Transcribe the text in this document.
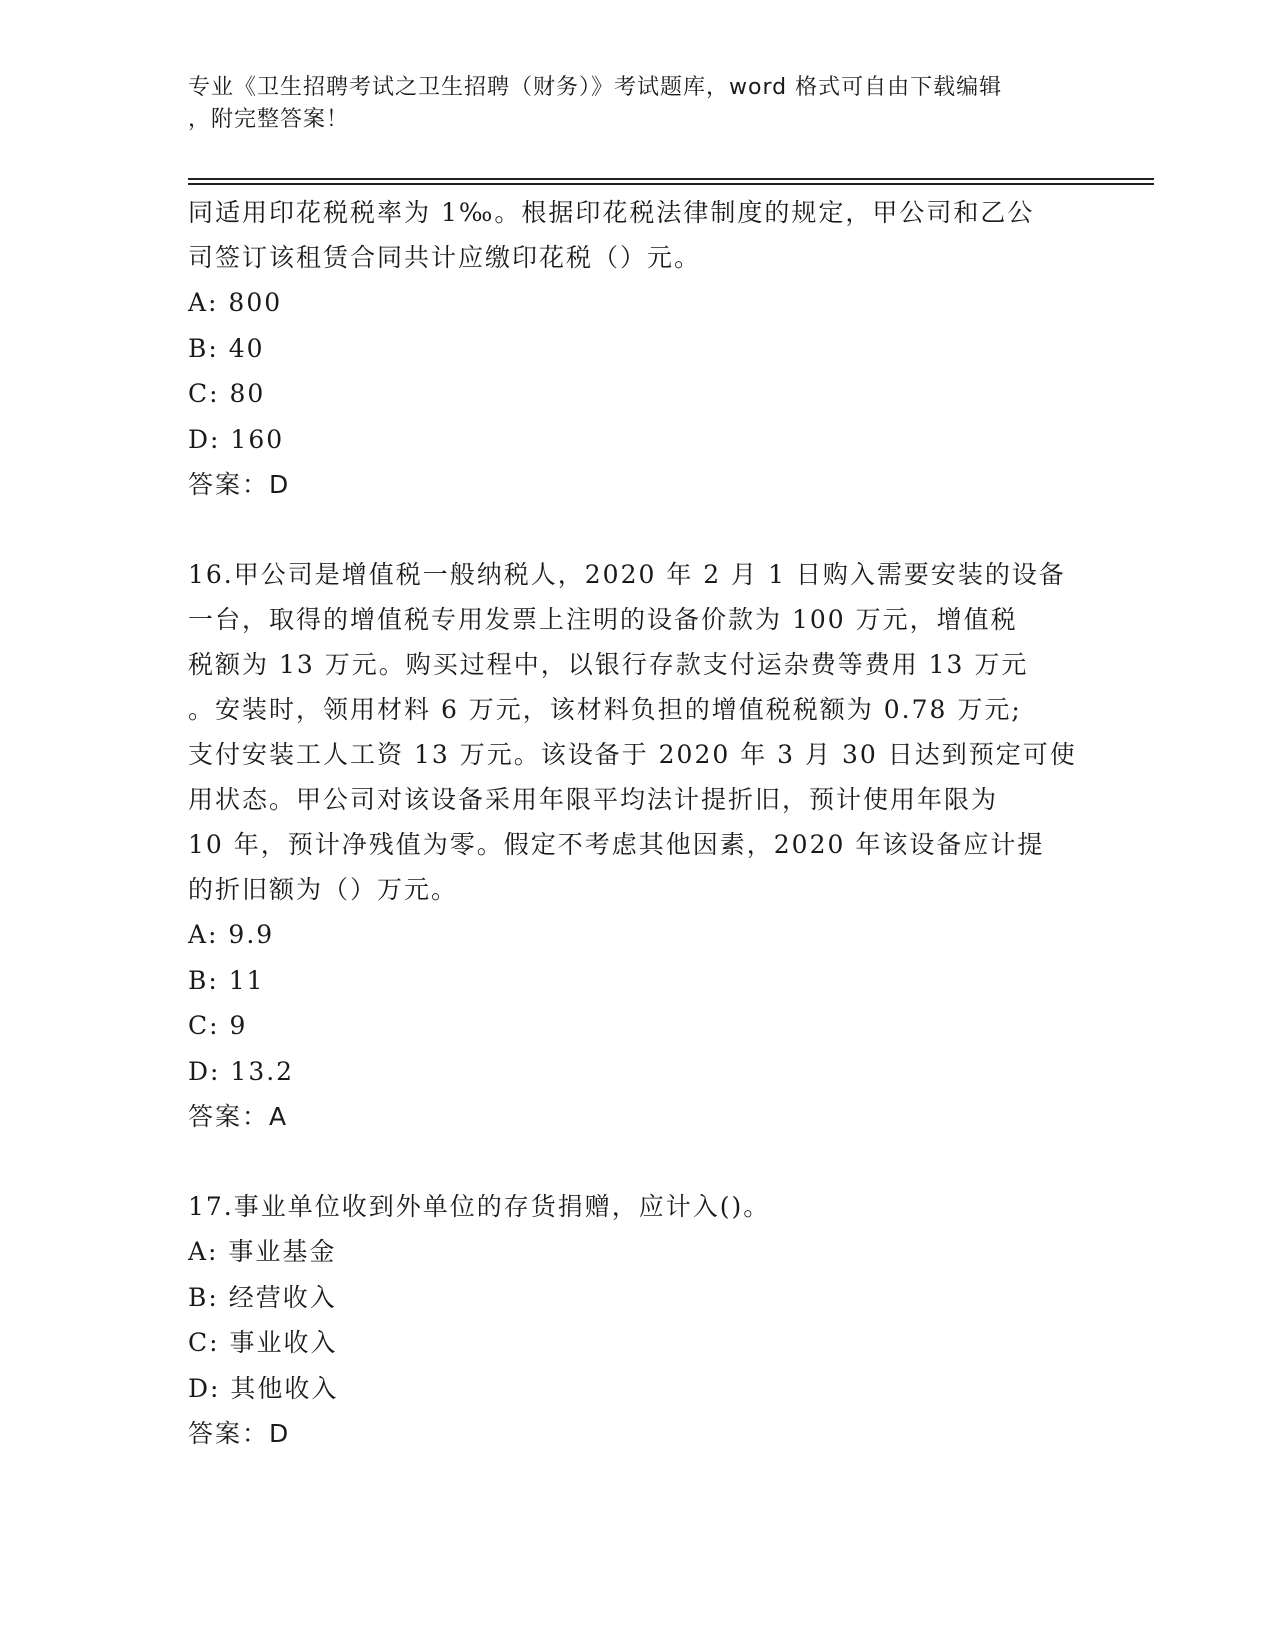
专业《卫生招聘考试之卫生招聘（财务）》考试题库，word 格式可自由下载编辑
，附完整答案！
同适用印花税税率为 1‰。根据印花税法律制度的规定，甲公司和乙公
司签订该租赁合同共计应缴印花税（）元。
A: 800
B: 40
C: 80
D: 160
答案：D
16.甲公司是增值税一般纳税人，2020 年 2 月 1 日购入需要安装的设备
一台，取得的增值税专用发票上注明的设备价款为 100 万元，增值税
税额为 13 万元。购买过程中，以银行存款支付运杂费等费用 13 万元
。安装时，领用材料 6 万元，该材料负担的增值税税额为 0.78 万元;
支付安装工人工资 13 万元。该设备于 2020 年 3 月 30 日达到预定可使
用状态。甲公司对该设备采用年限平均法计提折旧，预计使用年限为
10 年，预计净残值为零。假定不考虑其他因素，2020 年该设备应计提
的折旧额为（）万元。
A: 9.9
B: 11
C: 9
D: 13.2
答案：A
17.事业单位收到外单位的存货捐赠，应计入()。
A: 事业基金
B: 经营收入
C: 事业收入
D: 其他收入
答案：D
